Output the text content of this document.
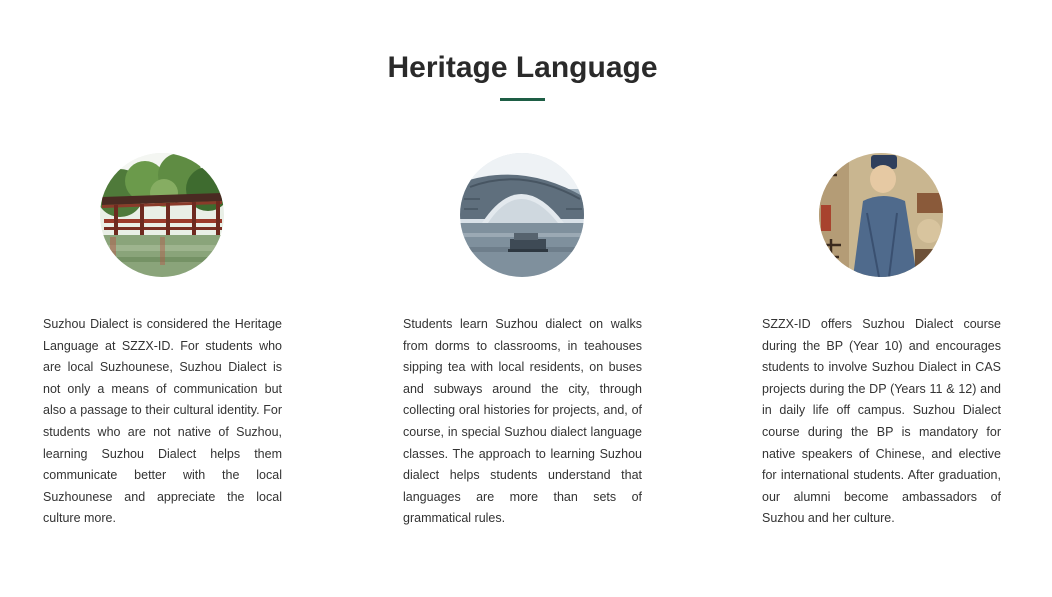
Heritage Language

Suzhou Dialect is considered the Heritage Language at SZZX-ID. For students who are local Suzhounese, Suzhou Dialect is not only a means of communication but also a passage to their cultural identity. For students who are not native of Suzhou, learning Suzhou Dialect helps them communicate better with the local Suzhounese and appreciate the local culture more.

Students learn Suzhou dialect on walks from dorms to classrooms, in teahouses sipping tea with local residents, on buses and subways around the city, through collecting oral histories for projects, and, of course, in special Suzhou dialect language classes. The approach to learning Suzhou dialect helps students understand that languages are more than sets of grammatical rules.

SZZX-ID offers Suzhou Dialect course during the BP (Year 10) and encourages students to involve Suzhou Dialect in CAS projects during the DP (Years 11 & 12) and in daily life off campus. Suzhou Dialect course during the BP is mandatory for native speakers of Chinese, and elective for international students. After graduation, our alumni become ambassadors of Suzhou and her culture.
